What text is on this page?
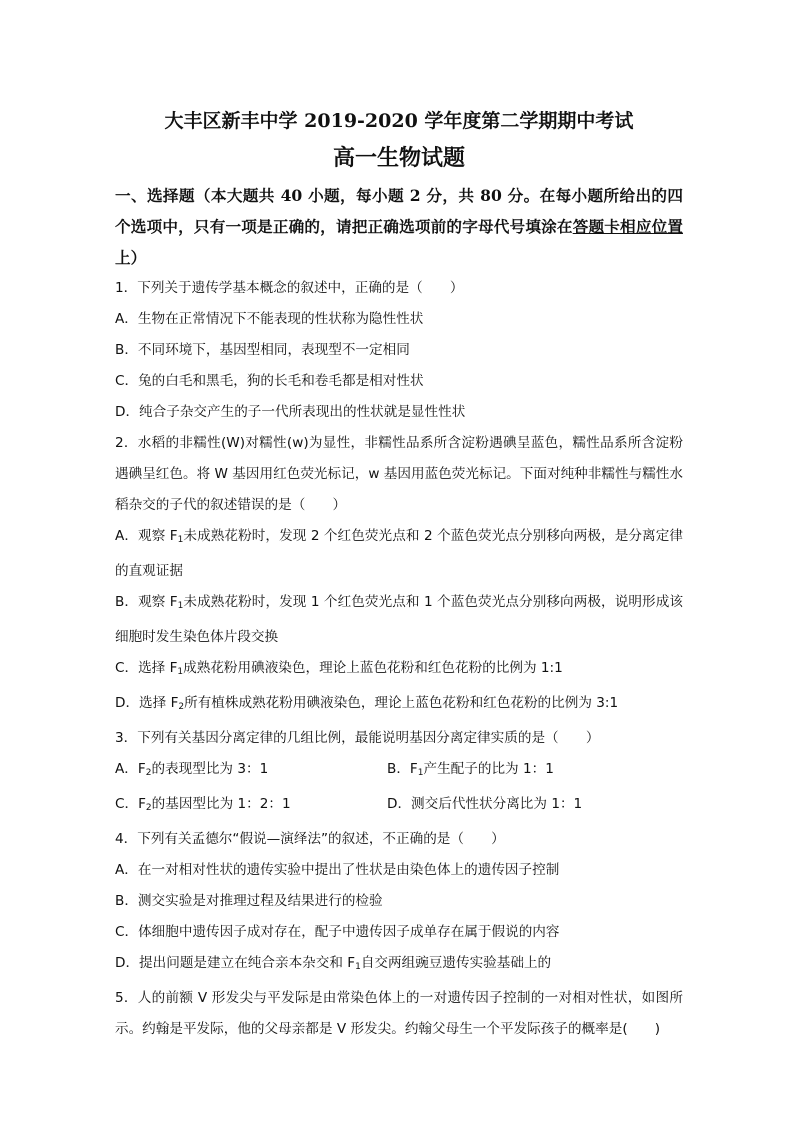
大丰区新丰中学 2019-2020 学年度第二学期期中考试

高一生物试题

一、选择题（本大题共 40 小题，每小题 2 分，共 80 分。在每小题所给出的四个选项中，只有一项是正确的，请把正确选项前的字母代号填涂在答题卡相应位置上）

1．下列关于遗传学基本概念的叙述中，正确的是（　　）

A．生物在正常情况下不能表现的性状称为隐性性状

B．不同环境下，基因型相同，表现型不一定相同

C．兔的白毛和黑毛，狗的长毛和卷毛都是相对性状

D．纯合子杂交产生的子一代所表现出的性状就是显性性状

2．水稻的非糯性(W)对糯性(w)为显性，非糯性品系所含淀粉遇碘呈蓝色，糯性品系所含淀粉遇碘呈红色。将 W 基因用红色荧光标记，w 基因用蓝色荧光标记。下面对纯种非糯性与糯性水稻杂交的子代的叙述错误的是（　　）

A．观察 $F_1$未成熟花粉时，发现 2 个红色荧光点和 2 个蓝色荧光点分别移向两极，是分离定律的直观证据

B．观察 $F_1$未成熟花粉时，发现 1 个红色荧光点和 1 个蓝色荧光点分别移向两极，说明形成该细胞时发生染色体片段交换

C．选择 $F_1$成熟花粉用碘液染色，理论上蓝色花粉和红色花粉的比例为 1:1

D．选择 $F_2$所有植株成熟花粉用碘液染色，理论上蓝色花粉和红色花粉的比例为 3:1

3．下列有关基因分离定律的几组比例，最能说明基因分离定律实质的是（　　）

A．$F_2$的表现型比为 3：1	B．$F_1$产生配子的比为 1：1
C．$F_2$的基因型比为 1：2：1	D．测交后代性状分离比为 1：1

4．下列有关孟德尔“假说—演绎法”的叙述，不正确的是（　　）

A．在一对相对性状的遗传实验中提出了性状是由染色体上的遗传因子控制

B．测交实验是对推理过程及结果进行的检验

C．体细胞中遗传因子成对存在，配子中遗传因子成单存在属于假说的内容

D．提出问题是建立在纯合亲本杂交和 $F_1$自交两组豌豆遗传实验基础上的

5．人的前额 V 形发尖与平发际是由常染色体上的一对遗传因子控制的一对相对性状，如图所示。约翰是平发际，他的父母亲都是 V 形发尖。约翰父母生一个平发际孩子的概率是(　　)
